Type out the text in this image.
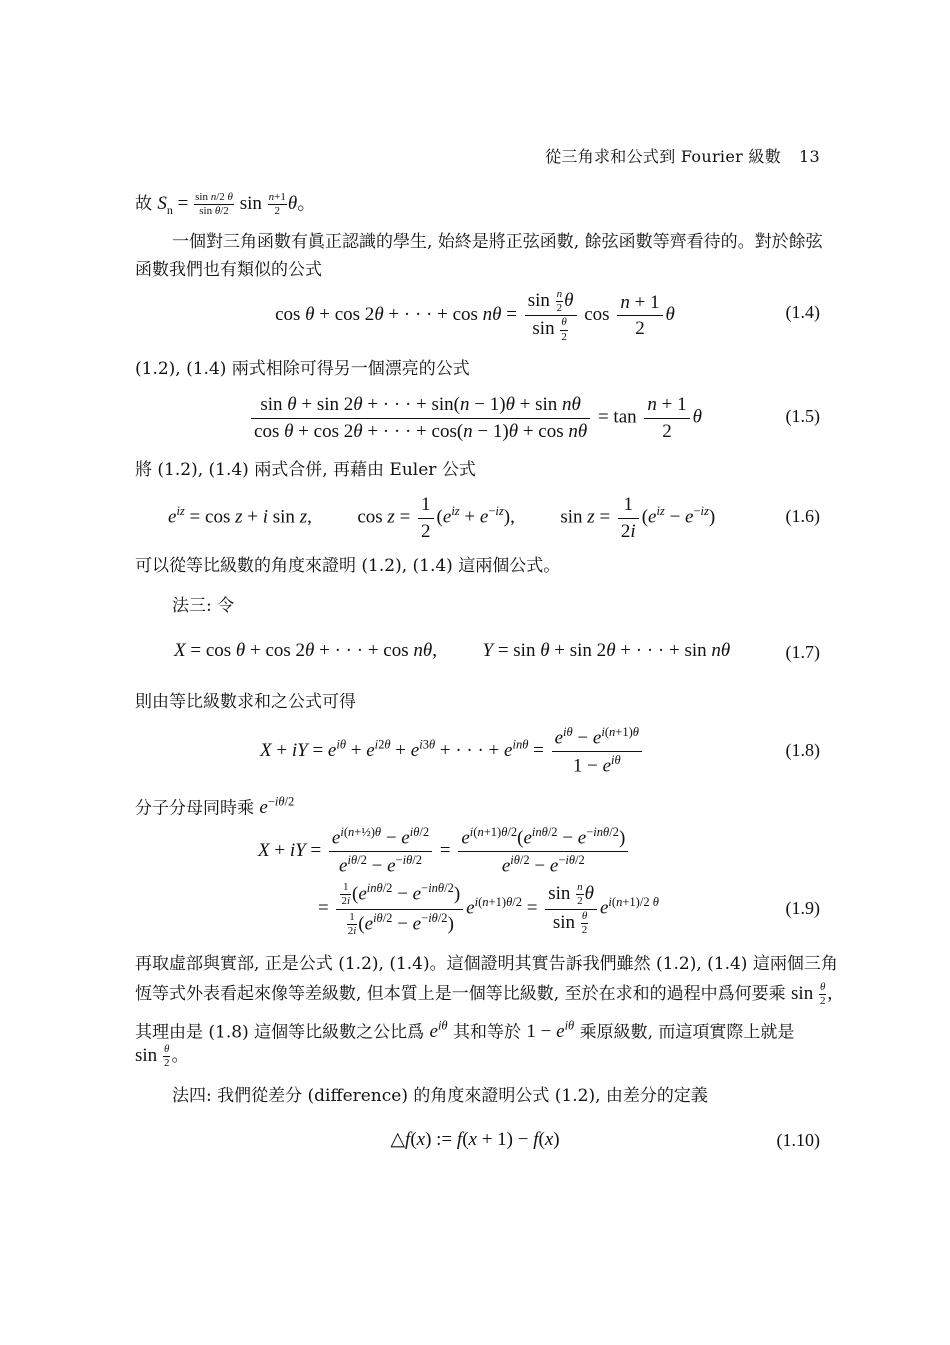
從三角求和公式到 Fourier 級數 13
故 $S_n = \frac{\text{sin n/2 θ}}{\text{sin θ/2}}$ $\sin \frac{n+1}{2}$ θ。
一個對三角函數有眞正認識的學生, 始終是將正弦函數, 餘弦函數等齊看待的。對於餘弦
函數我們也有類似的公式
cos θ + cos 2θ + · · · + $\cos n\theta = \frac{\sin \frac{n}{2} \theta}{\sin \frac{\theta}{2}}$ $\cos \frac{n + 1}{2}$ θ	(1.4)
(1.2), (1.4) 兩式相除可得另一個漂亮的公式
$\frac{\text{sin θ + sin 2θ + · · · + sin(n − 1)θ + sin nθ}}{\text{cos θ + cos 2θ + · · · + cos(n − 1)θ + cos nθ}} = \tan \frac{n + 1}{2}$ θ	(1.5)
將 (1.2), (1.4) 兩式合併, 再藉由 Euler 公式
$e^{iz} = \cos z + i$ sin z,  $\cos z = \frac{1}{2} (e^{iz} + e^{-iz})$,  $\sin z = \frac{1}{2i} (e^{iz} - e^{-iz})$	(1.6)
可以從等比級數的角度來證明 (1.2), (1.4) 這兩個公式。
法三: 令
X = cos θ + cos 2θ + · · · + cos nθ,  Y = sin θ + sin 2θ + · · · + sin nθ	(1.7)
則由等比級數求和之公式可得
X + iY = $e^{i\theta} + e^{i2\theta} + e^{i3\theta}$ + · · · + $e^{in\theta} = \frac{e^{i\theta} - e^{i(n+1)\theta}}{1 - e^{i\theta}}$	(1.8)
分子分母同時乘 $e^{-i\theta/2}$
X + iY = $\frac{e^{i(n+\frac{1}{2})\theta} - e^{i\theta/2}}{e^{i\theta/2} - e^{-i\theta/2}} = \frac{e^{i(n+1)\theta/2}(e^{in\theta/2} - e^{-in\theta/2})}{e^{i\theta/2} - e^{-i\theta/2}}$
= $\frac{\frac{1}{2i} (e^{in\theta/2} - e^{-in\theta/2})}{\frac{1}{2i} (e^{i\theta/2} - e^{-i\theta/2})} e^{i(n+1)\theta/2} = \frac{\sin \frac{n}{2} \theta}{\sin \frac{\theta}{2}} e^{i(n+1)/2 \theta}$	(1.9)
再取虛部與實部, 正是公式 (1.2), (1.4)。這個證明其實告訴我們雖然 (1.2), (1.4) 這兩個三角
恆等式外表看起來像等差級數, 但本質上是一個等比級數, 至於在求和的過程中爲何要乘 $\sin \frac{\theta}{2}$ ,
其理由是 (1.8) 這個等比級數之公比爲 $e^{i\theta}$ 其和等於 $1 - e^{i\theta}$ 乘原級數, 而這項實際上就是
$\sin \frac{\theta}{2}$ 。
法四: 我們從差分 (difference) 的角度來證明公式 (1.2), 由差分的定義
△f(x) := f(x + 1) − f(x)	(1.10)
